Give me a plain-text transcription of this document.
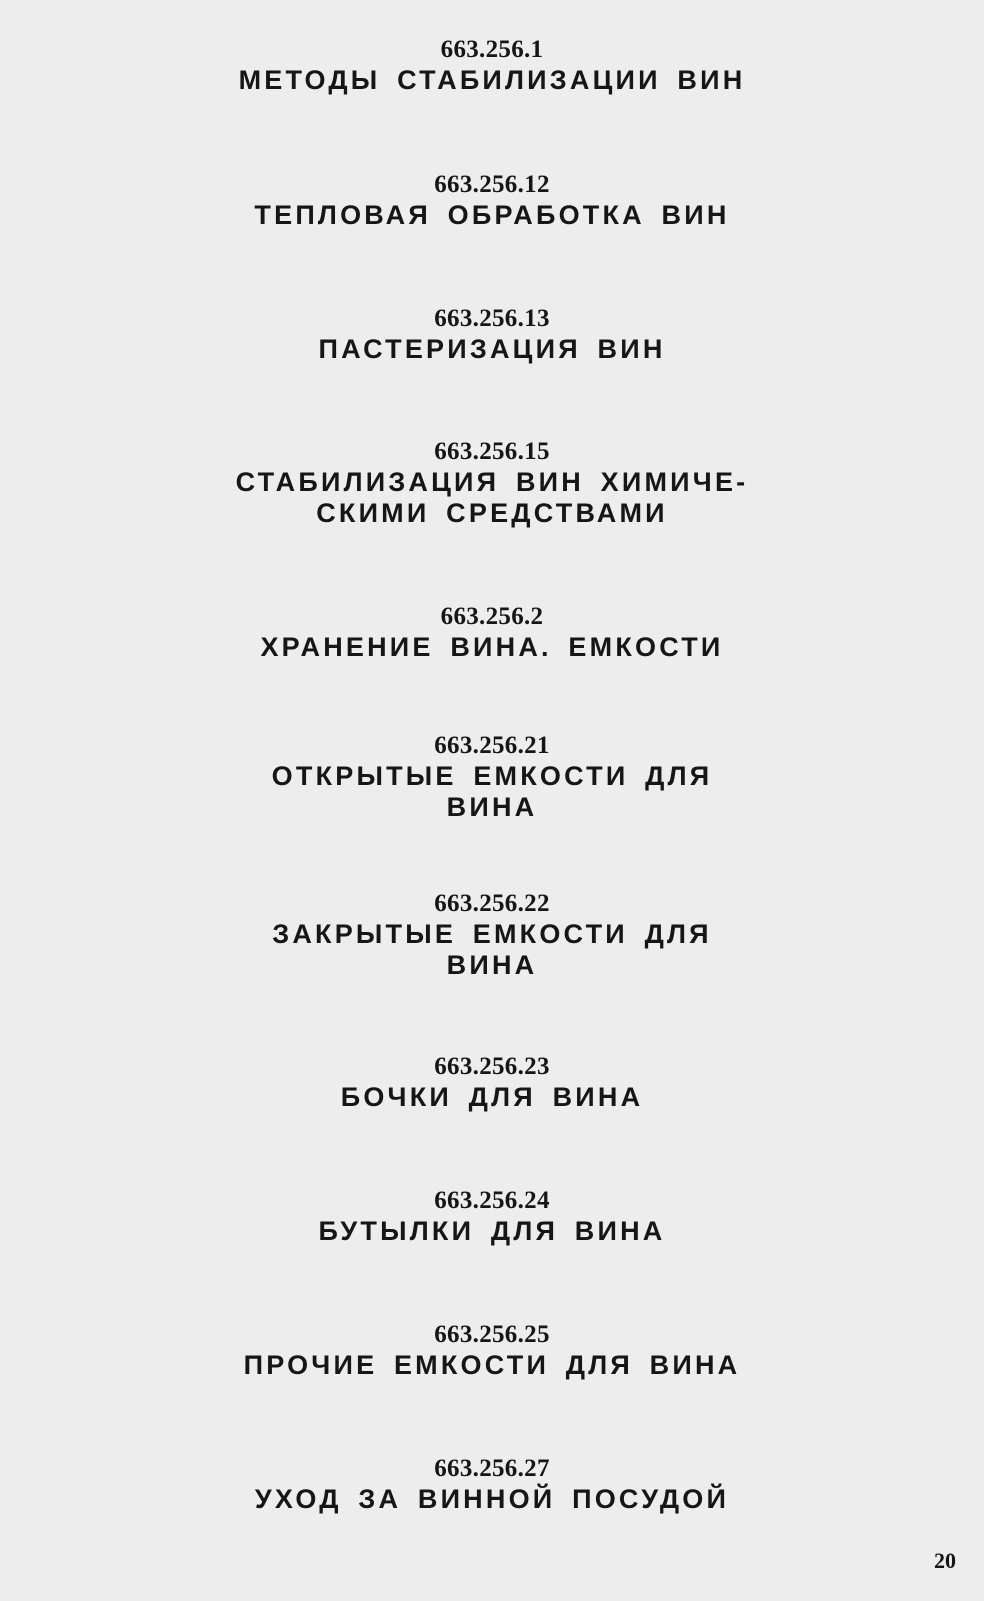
663.256.1
МЕТОДЫ СТАБИЛИЗАЦИИ ВИН
663.256.12
ТЕПЛОВАЯ ОБРАБОТКА ВИН
663.256.13
ПАСТЕРИЗАЦИЯ ВИН
663.256.15
СТАБИЛИЗАЦИЯ ВИН ХИМИЧЕ-
СКИМИ СРЕДСТВАМИ
663.256.2
ХРАНЕНИЕ ВИНА. ЕМКОСТИ
663.256.21
ОТКРЫТЫЕ ЕМКОСТИ ДЛЯ
ВИНА
663.256.22
ЗАКРЫТЫЕ ЕМКОСТИ ДЛЯ
ВИНА
663.256.23
БОЧКИ ДЛЯ ВИНА
663.256.24
БУТЫЛКИ ДЛЯ ВИНА
663.256.25
ПРОЧИЕ ЕМКОСТИ ДЛЯ ВИНА
663.256.27
УХОД ЗА ВИННОЙ ПОСУДОЙ
20
